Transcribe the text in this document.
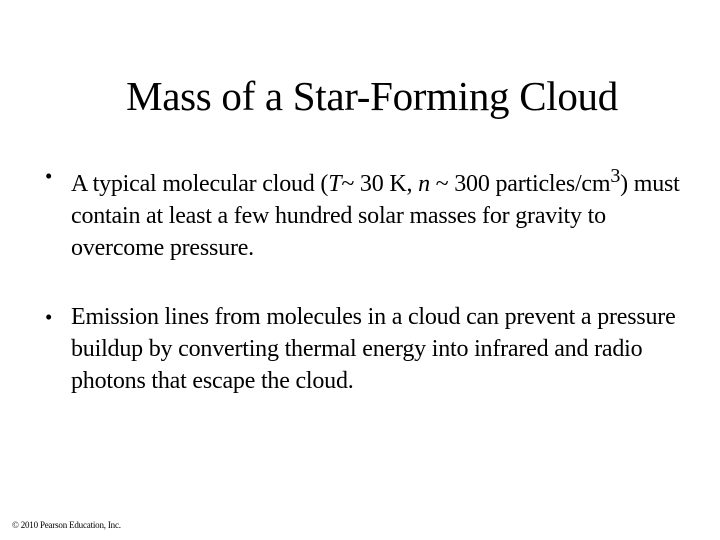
Mass of a Star-Forming Cloud
• A typical molecular cloud (T~ 30 K, n ~ 300 particles/$cm^3$) must contain at least a few hundred solar masses for gravity to overcome pressure.
• Emission lines from molecules in a cloud can prevent a pressure buildup by converting thermal energy into infrared and radio photons that escape the cloud.
© 2010 Pearson Education, Inc.
